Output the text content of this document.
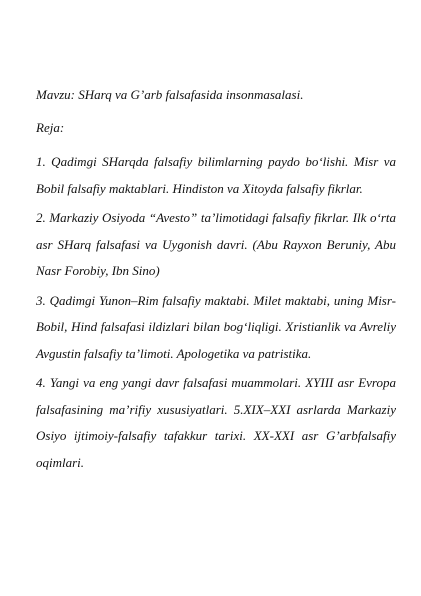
Mavzu: SHarq va G’arb falsafasida insonmasalasi.

Reja:

1. Qadimgi SHarqda falsafiy bilimlarning paydo bo‘lishi. Misr va Bobil falsafiy maktablari. Hindiston va Xitoyda falsafiy fikrlar.

2. Markaziy Osiyoda “Avesto” ta’limotidagi falsafiy fikrlar. Ilk o‘rta asr SHarq falsafasi va Uygonish davri. (Abu Rayxon Beruniy, Abu Nasr Forobiy, Ibn Sino)

3. Qadimgi Yunon–Rim falsafiy maktabi. Milet maktabi, uning Misr-Bobil, Hind falsafasi ildizlari bilan bog‘liqligi. Xristianlik va Avreliy Avgustin falsafiy ta’limoti. Apologetika va patristika.

4. Yangi va eng yangi davr falsafasi muammolari. XYIII asr Evropa falsafasining ma’rifiy xususiyatlari. 5.XIX–XXI asrlarda Markaziy Osiyo ijtimoiy-falsafiy tafakkur tarixi. XX-XXI asr G’arbfalsafiy oqimlari.
